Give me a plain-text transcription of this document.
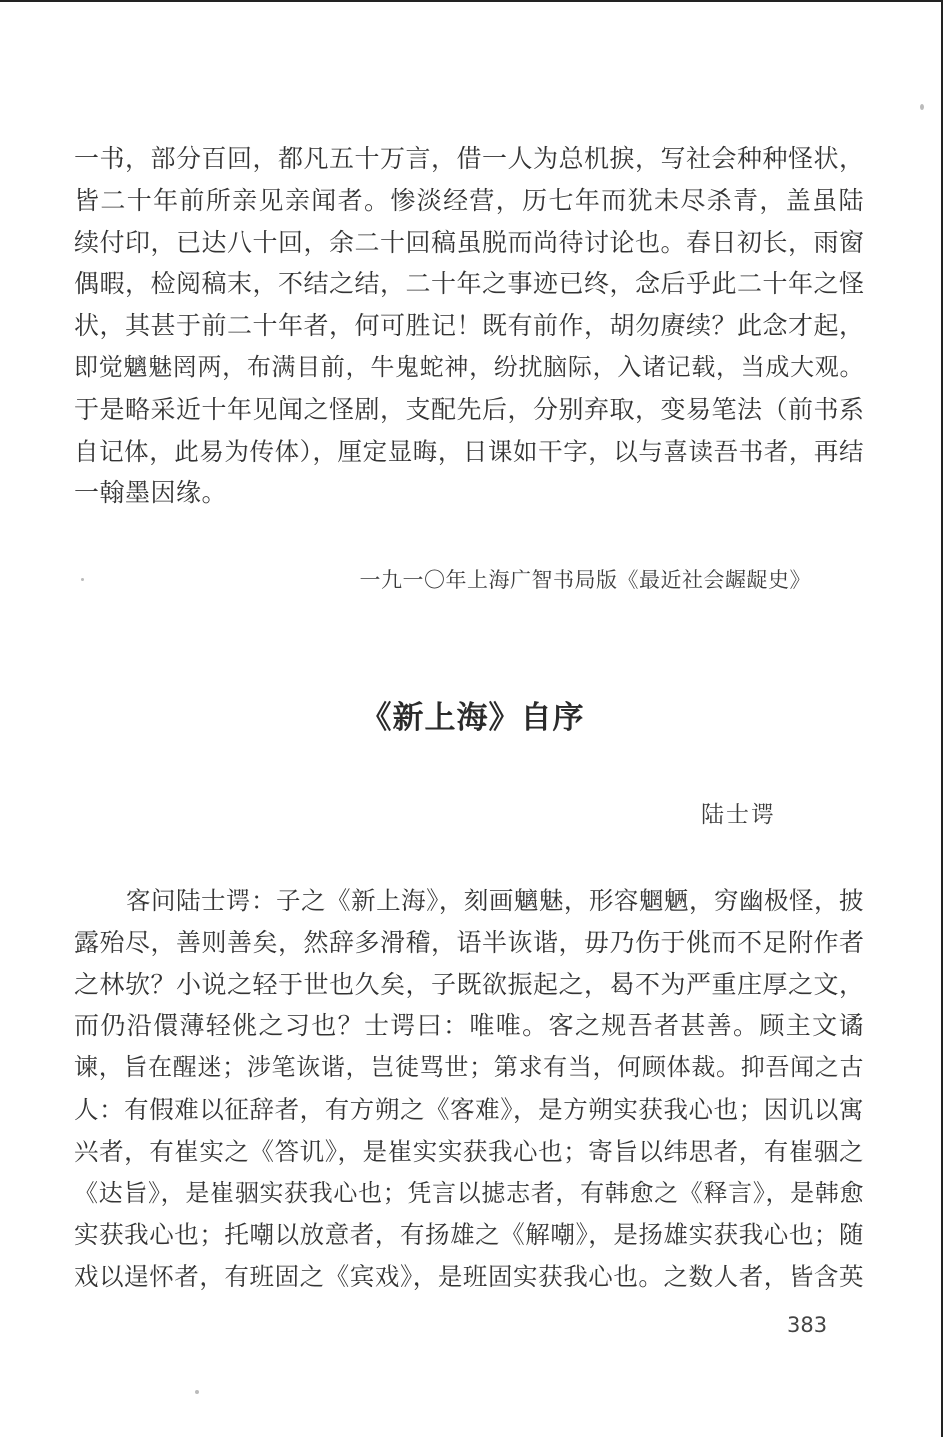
一书，部分百回，都凡五十万言，借一人为总机捩，写社会种种怪状，
皆二十年前所亲见亲闻者。惨淡经营，历七年而犹未尽杀青，盖虽陆
续付印，已达八十回，余二十回稿虽脱而尚待讨论也。春日初长，雨窗
偶暇，检阅稿末，不结之结，二十年之事迹已终，念后乎此二十年之怪
状，其甚于前二十年者，何可胜记！既有前作，胡勿赓续？此念才起，
即觉魑魅罔两，布满目前，牛鬼蛇神，纷扰脑际，入诸记载，当成大观。
于是略采近十年见闻之怪剧，支配先后，分别弃取，变易笔法（前书系
自记体，此易为传体），厘定显晦，日课如干字，以与喜读吾书者，再结
一翰墨因缘。
一九一〇年上海广智书局版《最近社会龌龊史》
《新上海》自序
陆士谔
客问陆士谔：子之《新上海》，刻画魑魅，形容魍魉，穷幽极怪，披
露殆尽，善则善矣，然辞多滑稽，语半诙谐，毋乃伤于佻而不足附作者
之林欤？小说之轻于世也久矣，子既欲振起之，曷不为严重庄厚之文，
而仍沿儇薄轻佻之习也？士谔曰：唯唯。客之规吾者甚善。顾主文谲
谏，旨在醒迷；涉笔诙谐，岂徒骂世；第求有当，何顾体裁。抑吾闻之古
人：有假难以征辞者，有方朔之《客难》，是方朔实获我心也；因讥以寓
兴者，有崔实之《答讥》，是崔实实获我心也；寄旨以纬思者，有崔骃之
《达旨》，是崔骃实获我心也；凭言以摅志者，有韩愈之《释言》，是韩愈
实获我心也；托嘲以放意者，有扬雄之《解嘲》，是扬雄实获我心也；随
戏以逞怀者，有班固之《宾戏》，是班固实获我心也。之数人者，皆含英
383
